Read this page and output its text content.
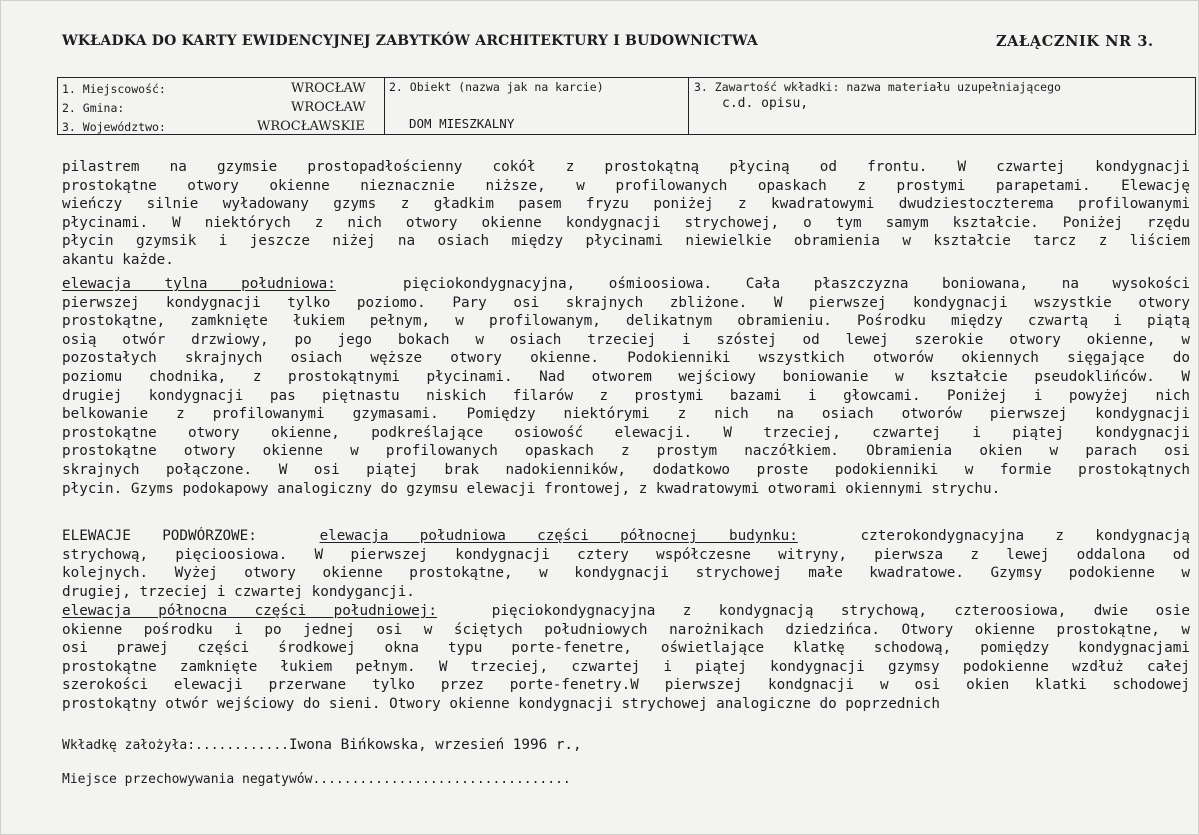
WKŁADKA DO KARTY EWIDENCYJNEJ ZABYTKÓW ARCHITEKTURY I BUDOWNICTWA	ZAŁĄCZNIK NR 3.
1. Miejscowość:	WROCŁAW
2. Gmina:	WROCŁAW
3. Województwo:	WROCŁAWSKIE
2. Obiekt (nazwa jak na karcie)
DOM MIESZKALNY
3. Zawartość wkładki: nazwa materiału uzupełniającego
c.d. opisu,
pilastrem na gzymsie prostopadłościenny cokół z prostokątną płyciną od frontu. W czwartej kondygnacji
prostokątne otwory okienne nieznacznie niższe, w profilowanych opaskach z prostymi parapetami. Elewację
wieńczy silnie wyładowany gzyms z gładkim pasem fryzu poniżej z kwadratowymi dwudziestoczterema profilowanymi
płycinami. W niektórych z nich otwory okienne kondygnacji strychowej, o tym samym kształcie. Poniżej rzędu
płycin gzymsik i jeszcze niżej na osiach między płycinami niewielkie obramienia w kształcie tarcz z liściem
akantu każde.
elewacja tylna południowa:	pięciokondygnacyjna, ośmioosiowa. Cała płaszczyzna boniowana, na wysokości
pierwszej kondygnacji tylko poziomo. Pary osi skrajnych zbliżone. W pierwszej kondygnacji wszystkie otwory
prostokątne, zamknięte łukiem pełnym, w profilowanym, delikatnym obramieniu. Pośrodku między czwartą i piątą
osią otwór drzwiowy, po jego bokach w osiach trzeciej i szóstej od lewej szerokie otwory okienne, w
pozostałych skrajnych osiach węższe otwory okienne. Podokienniki wszystkich otworów okiennych sięgające do
poziomu chodnika, z prostokątnymi płycinami. Nad otworem wejściowy boniowanie w kształcie pseudoklińców. W
drugiej kondygnacji pas piętnastu niskich filarów z prostymi bazami i głowcami. Poniżej i powyżej nich
belkowanie z profilowanymi gzymasami. Pomiędzy niektórymi z nich na osiach otworów pierwszej kondygnacji
prostokątne otwory okienne, podkreślające osiowość elewacji. W trzeciej, czwartej i piątej kondygnacji
prostokątne otwory okienne w profilowanych opaskach z prostym naczółkiem. Obramienia okien w parach osi
skrajnych połączone. W osi piątej brak nadokienników, dodatkowo proste podokienniki w formie prostokątnych
płycin. Gzyms podokapowy analogiczny do gzymsu elewacji frontowej, z kwadratowymi otworami okiennymi strychu.
ELEWACJE PODWÓRZOWE:	elewacja południowa części północnej budynku:	czterokondygnacyjna z kondygnacją
strychową, pięcioosiowa. W pierwszej kondygnacji cztery współczesne witryny, pierwsza z lewej oddalona od
kolejnych. Wyżej otwory okienne prostokątne, w kondygnacji strychowej małe kwadratowe. Gzymsy podokienne w
drugiej, trzeciej i czwartej kondygancji.
elewacja północna części południowej:	pięciokondygnacyjna z kondygnacją strychową, czteroosiowa, dwie osie
okienne pośrodku i po jednej osi w ściętych południowych narożnikach dziedzińca. Otwory okienne prostokątne, w
osi prawej części środkowej okna typu porte-fenetre, oświetlające klatkę schodową, pomiędzy kondygnacjami
prostokątne zamknięte łukiem pełnym. W trzeciej, czwartej i piątej kondygnacji gzymsy podokienne wzdłuż całej
szerokości elewacji przerwane tylko przez porte-fenetry.W pierwszej kondgnacji w osi okien klatki schodowej
prostokątny otwór wejściowy do sieni. Otwory okienne kondygnacji strychowej analogiczne do poprzednich
Wkładkę założyła:............Iwona Bińkowska, wrzesień 1996 r.,
Miejsce przechowywania negatywów.................................
